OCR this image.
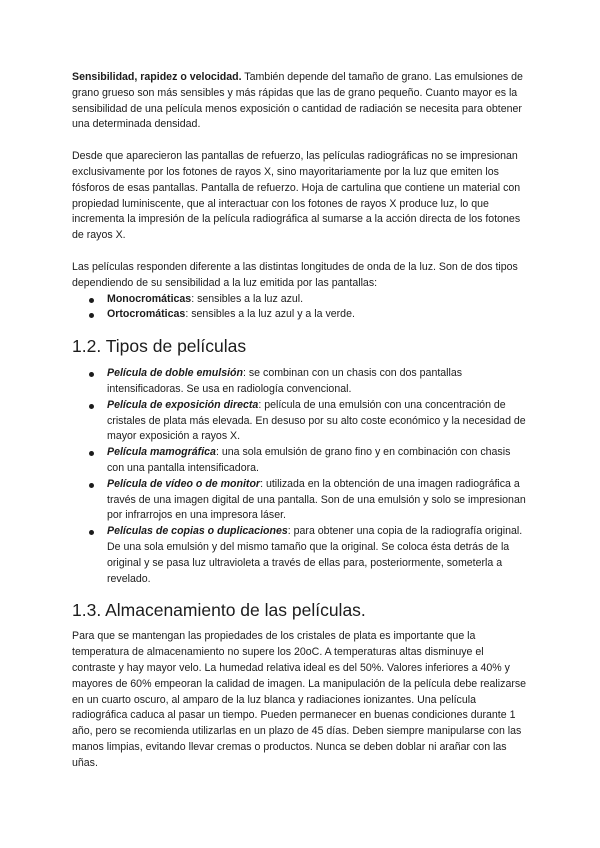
Sensibilidad, rapidez o velocidad. También depende del tamaño de grano. Las emulsiones de grano grueso son más sensibles y más rápidas que las de grano pequeño. Cuanto mayor es la sensibilidad de una película menos exposición o cantidad de radiación se necesita para obtener una determinada densidad.

Desde que aparecieron las pantallas de refuerzo, las películas radiográficas no se impresionan exclusivamente por los fotones de rayos X, sino mayoritariamente por la luz que emiten los fósforos de esas pantallas. Pantalla de refuerzo. Hoja de cartulina que contiene un material con propiedad luminiscente, que al interactuar con los fotones de rayos X produce luz, lo que incrementa la impresión de la película radiográfica al sumarse a la acción directa de los fotones de rayos X.

Las películas responden diferente a las distintas longitudes de onda de la luz. Son de dos tipos dependiendo de su sensibilidad a la luz emitida por las pantallas:

Monocromáticas: sensibles a la luz azul.
Ortocromáticas: sensibles a la luz azul y a la verde.
1.2. Tipos de películas
Película de doble emulsión: se combinan con un chasis con dos pantallas intensificadoras. Se usa en radiología convencional.
Película de exposición directa: película de una emulsión con una concentración de cristales de plata más elevada. En desuso por su alto coste económico y la necesidad de mayor exposición a rayos X.
Película mamográfica: una sola emulsión de grano fino y en combinación con chasis con una pantalla intensificadora.
Película de vídeo o de monitor: utilizada en la obtención de una imagen radiográfica a través de una imagen digital de una pantalla. Son de una emulsión y solo se impresionan por infrarrojos en una impresora láser.
Películas de copias o duplicaciones: para obtener una copia de la radiografía original. De una sola emulsión y del mismo tamaño que la original. Se coloca ésta detrás de la original y se pasa luz ultravioleta a través de ellas para, posteriormente, someterla a revelado.
1.3. Almacenamiento de las películas.

Para que se mantengan las propiedades de los cristales de plata es importante que la temperatura de almacenamiento no supere los 20oC. A temperaturas altas disminuye el contraste y hay mayor velo. La humedad relativa ideal es del 50%. Valores inferiores a 40% y mayores de 60% empeoran la calidad de imagen. La manipulación de la película debe realizarse en un cuarto oscuro, al amparo de la luz blanca y radiaciones ionizantes. Una película radiográfica caduca al pasar un tiempo. Pueden permanecer en buenas condiciones durante 1 año, pero se recomienda utilizarlas en un plazo de 45 días. Deben siempre manipularse con las manos limpias, evitando llevar cremas o productos. Nunca se deben doblar ni arañar con las uñas.
